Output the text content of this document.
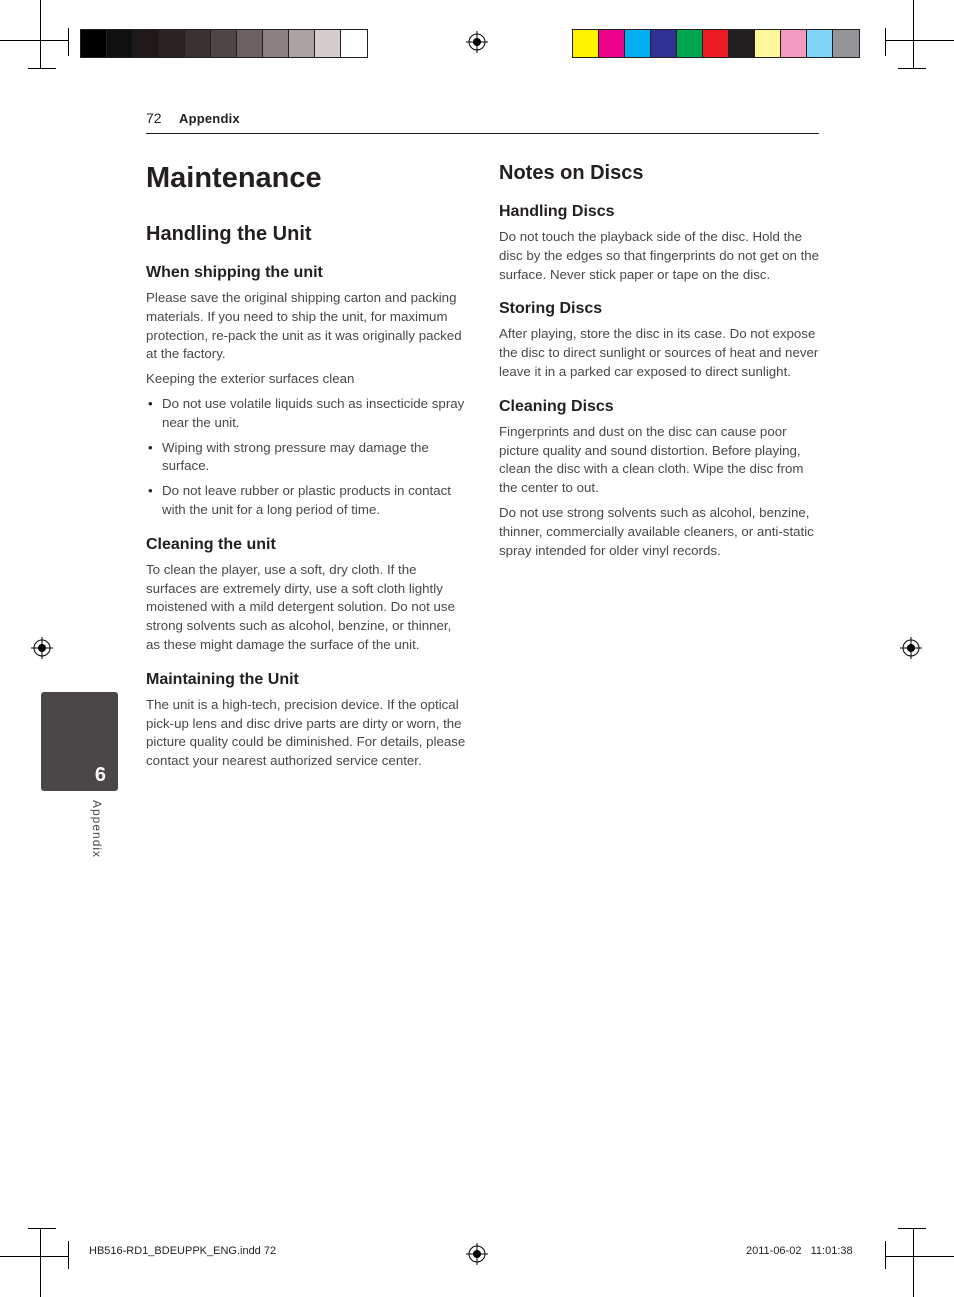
72 Appendix
6
Appendix
Maintenance
Handling the Unit
When shipping the unit

Please save the original shipping carton and packing materials. If you need to ship the unit, for maximum protection, re-pack the unit as it was originally packed at the factory.

Keeping the exterior surfaces clean

• Do not use volatile liquids such as insecticide spray near the unit.
• Wiping with strong pressure may damage the surface.
• Do not leave rubber or plastic products in contact with the unit for a long period of time.
Cleaning the unit

To clean the player, use a soft, dry cloth. If the surfaces are extremely dirty, use a soft cloth lightly moistened with a mild detergent solution. Do not use strong solvents such as alcohol, benzine, or thinner, as these might damage the surface of the unit.

Maintaining the Unit

The unit is a high-tech, precision device. If the optical pick-up lens and disc drive parts are dirty or worn, the picture quality could be diminished. For details, please contact your nearest authorized service center.

Notes on Discs
Handling Discs

Do not touch the playback side of the disc. Hold the disc by the edges so that fingerprints do not get on the surface. Never stick paper or tape on the disc.

Storing Discs

After playing, store the disc in its case. Do not expose the disc to direct sunlight or sources of heat and never leave it in a parked car exposed to direct sunlight.

Cleaning Discs

Fingerprints and dust on the disc can cause poor picture quality and sound distortion. Before playing, clean the disc with a clean cloth. Wipe the disc from the center to out.

Do not use strong solvents such as alcohol, benzine, thinner, commercially available cleaners, or anti-static spray intended for older vinyl records.

HB516-RD1_BDEUPPK_ENG.indd 72	2011-06-02   11:01:38
